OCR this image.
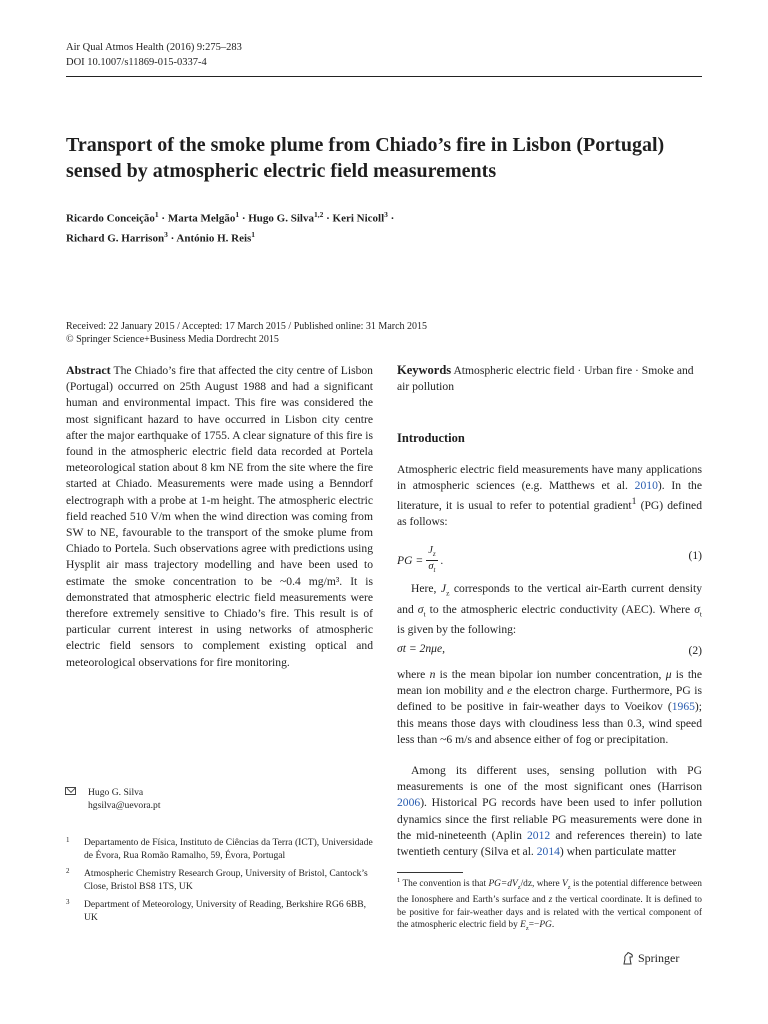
Air Qual Atmos Health (2016) 9:275–283
DOI 10.1007/s11869-015-0337-4
Transport of the smoke plume from Chiado’s fire in Lisbon (Portugal) sensed by atmospheric electric field measurements
Ricardo Conceição$^1$ · Marta Melgão$^1$ · Hugo G. Silva$^{1,2}$ · Keri Nicoll$^3$ ·
Richard G. Harrison$^3$ · António H. Reis$^1$
Received: 22 January 2015 / Accepted: 17 March 2015 / Published online: 31 March 2015
© Springer Science+Business Media Dordrecht 2015

Abstract The Chiado’s fire that affected the city centre of Lisbon (Portugal) occurred on 25th August 1988 and had a significant human and environmental impact. This fire was considered the most significant hazard to have occurred in Lisbon city centre after the major earthquake of 1755. A clear signature of this fire is found in the atmospheric electric field data recorded at Portela meteorological station about 8 km NE from the site where the fire started at Chiado. Measurements were made using a Benndorf electrograph with a probe at 1-m height. The atmospheric electric field reached 510 V/m when the wind direction was coming from SW to NE, favourable to the transport of the smoke plume from Chiado to Portela. Such observations agree with predictions using Hysplit air mass trajectory modelling and have been used to estimate the smoke concentration to be ~0.4 mg/m³. It is demonstrated that atmospheric electric field measurements were therefore extremely sensitive to Chiado’s fire. This result is of particular current interest in using networks of atmospheric electric field sensors to complement existing optical and meteorological observations for fire monitoring.

Hugo G. Silva
hgsilva@uevora.pt
1 Departamento de Física, Instituto de Ciências da Terra (ICT), Universidade de Évora, Rua Romão Ramalho, 59, Évora, Portugal
2 Atmospheric Chemistry Research Group, University of Bristol, Cantock’s Close, Bristol BS8 1TS, UK
3 Department of Meteorology, University of Reading, Berkshire RG6 6BB, UK

Keywords Atmospheric electric field · Urban fire · Smoke and air pollution

Introduction

Atmospheric electric field measurements have many applications in atmospheric sciences (e.g. Matthews et al. 2010). In the literature, it is usual to refer to potential gradient$^1$ (PG) defined as follows:

PG = $\frac{J_z}{\sigma_t}$ .	(1)

Here, $J_z$ corresponds to the vertical air-Earth current density and $\sigma_t$ to the atmospheric electric conductivity (AEC). Where $\sigma_t$ is given by the following:

σt = 2nμe,	(2)

where n is the mean bipolar ion number concentration, μ is the mean ion mobility and e the electron charge. Furthermore, PG is defined to be positive in fair-weather days to Voeikov (1965); this means those days with cloudiness less than 0.3, wind speed less than ~6 m/s and absence either of fog or precipitation.

Among its different uses, sensing pollution with PG measurements is one of the most significant ones (Harrison 2006). Historical PG records have been used to infer pollution dynamics since the first reliable PG measurements were done in the mid-nineteenth (Aplin 2012 and references therein) to late twentieth century (Silva et al. 2014) when particulate matter

$^1$ The convention is that $PG=dV_z/dz$, where $V_z$ is the potential difference between the Ionosphere and Earth’s surface and z the vertical coordinate. It is defined to be positive for fair-weather days and is related with the vertical component of the atmospheric electric field by $E_z=-PG$.

Springer
